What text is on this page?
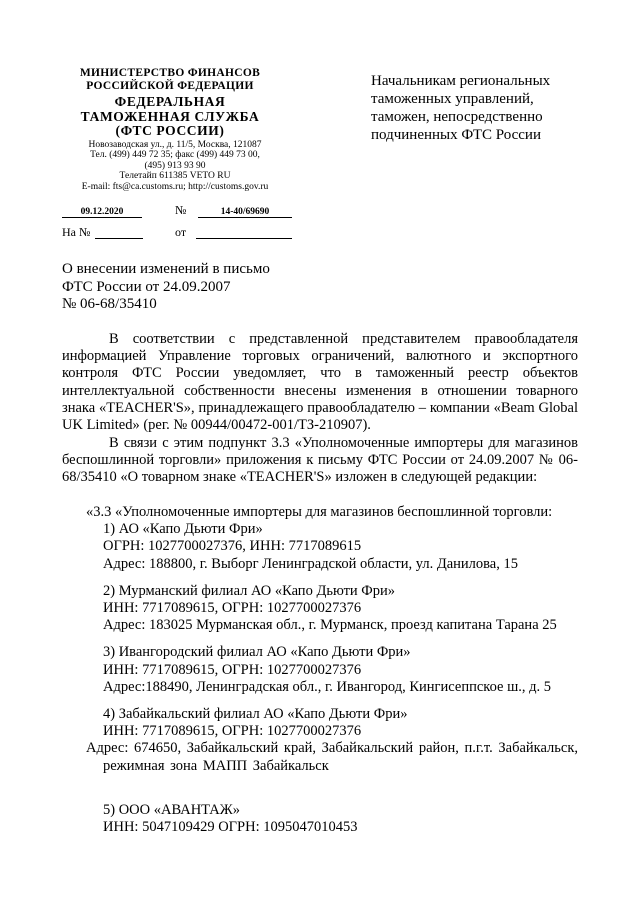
МИНИСТЕРСТВО ФИНАНСОВ
РОССИЙСКОЙ ФЕДЕРАЦИИ
ФЕДЕРАЛЬНАЯ
ТАМОЖЕННАЯ СЛУЖБА
(ФТС РОССИИ)
Новозаводская ул., д. 11/5, Москва, 121087
Тел. (499) 449 72 35; факс (499) 449 73 00,
(495) 913 93 90
Телетайп 611385 VETO RU
E-mail: fts@ca.customs.ru; http://customs.gov.ru
09.12.2020	№	14-40/69690
На №	от
Начальникам региональных
таможенных управлений,
таможен, непосредственно
подчиненных ФТС России
О внесении изменений в письмо
ФТС России от 24.09.2007
№ 06-68/35410

В соответствии с представленной представителем правообладателя информацией Управление торговых ограничений, валютного и экспортного контроля ФТС России уведомляет, что в таможенный реестр объектов интеллектуальной собственности внесены изменения в отношении товарного знака «TEACHER'S», принадлежащего правообладателю – компании «Beam Global UK Limited» (рег. № 00944/00472-001/ТЗ-210907).

В связи с этим подпункт 3.3 «Уполномоченные импортеры для магазинов беспошлинной торговли» приложения к письму ФТС России от 24.09.2007 № 06-68/35410 «О товарном знаке «TEACHER'S» изложен в следующей редакции:

«3.3 «Уполномоченные импортеры для магазинов беспошлинной торговли:

1) АО «Капо Дьюти Фри»

ОГРН: 1027700027376, ИНН: 7717089615

Адрес: 188800, г. Выборг Ленинградской области, ул. Данилова, 15

2) Мурманский филиал АО «Капо Дьюти Фри»

ИНН: 7717089615, ОГРН: 1027700027376

Адрес: 183025 Мурманская обл., г. Мурманск, проезд капитана Тарана 25

3) Ивангородский филиал АО «Капо Дьюти Фри»

ИНН: 7717089615, ОГРН: 1027700027376

Адрес:188490, Ленинградская обл., г. Ивангород, Кингисеппское ш., д. 5

4) Забайкальский филиал АО «Капо Дьюти Фри»

ИНН: 7717089615, ОГРН: 1027700027376

Адрес: 674650, Забайкальский край, Забайкальский район, п.г.т. Забайкальск, режимная зона МАПП Забайкальск

5) ООО «АВАНТАЖ»

ИНН: 5047109429 ОГРН: 1095047010453
